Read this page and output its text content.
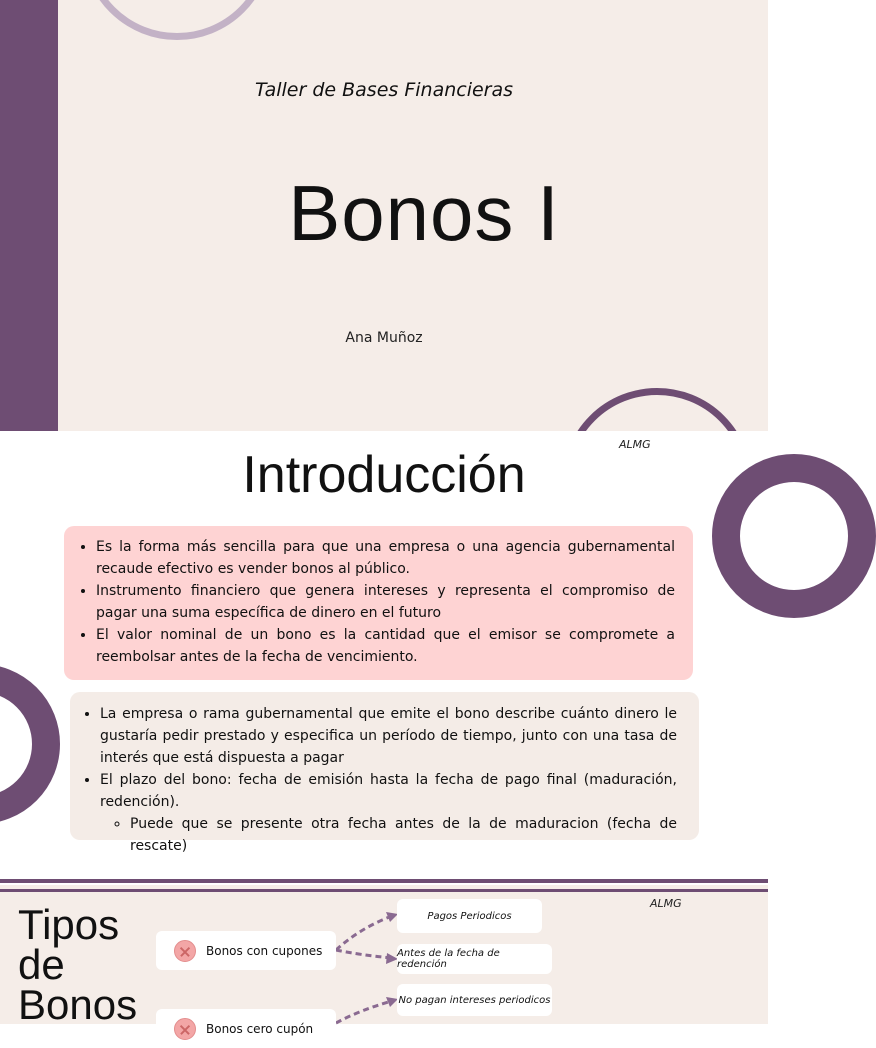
Taller de Bases Financieras
Bonos I
Ana Muñoz
ALMG
Introducción
• Es la forma más sencilla para que una empresa o una agencia gubernamental recaude efectivo es vender bonos al público.
• Instrumento financiero que genera intereses y representa el compromiso de pagar una suma específica de dinero en el futuro
• El valor nominal de un bono es la cantidad que el emisor se compromete a reembolsar antes de la fecha de vencimiento.
• La empresa o rama gubernamental que emite el bono describe cuánto dinero le gustaría pedir prestado y especifica un período de tiempo, junto con una tasa de interés que está dispuesta a pagar
• El plazo del bono: fecha de emisión hasta la fecha de pago final (maduración, redención).
◦ Puede que se presente otra fecha antes de la de maduracion (fecha de rescate)
ALMG
Tipos
de
Bonos
Bonos con cupones
Bonos cero cupón
Pagos Periodicos
Antes de la fecha de redención
No pagan intereses periodicos
